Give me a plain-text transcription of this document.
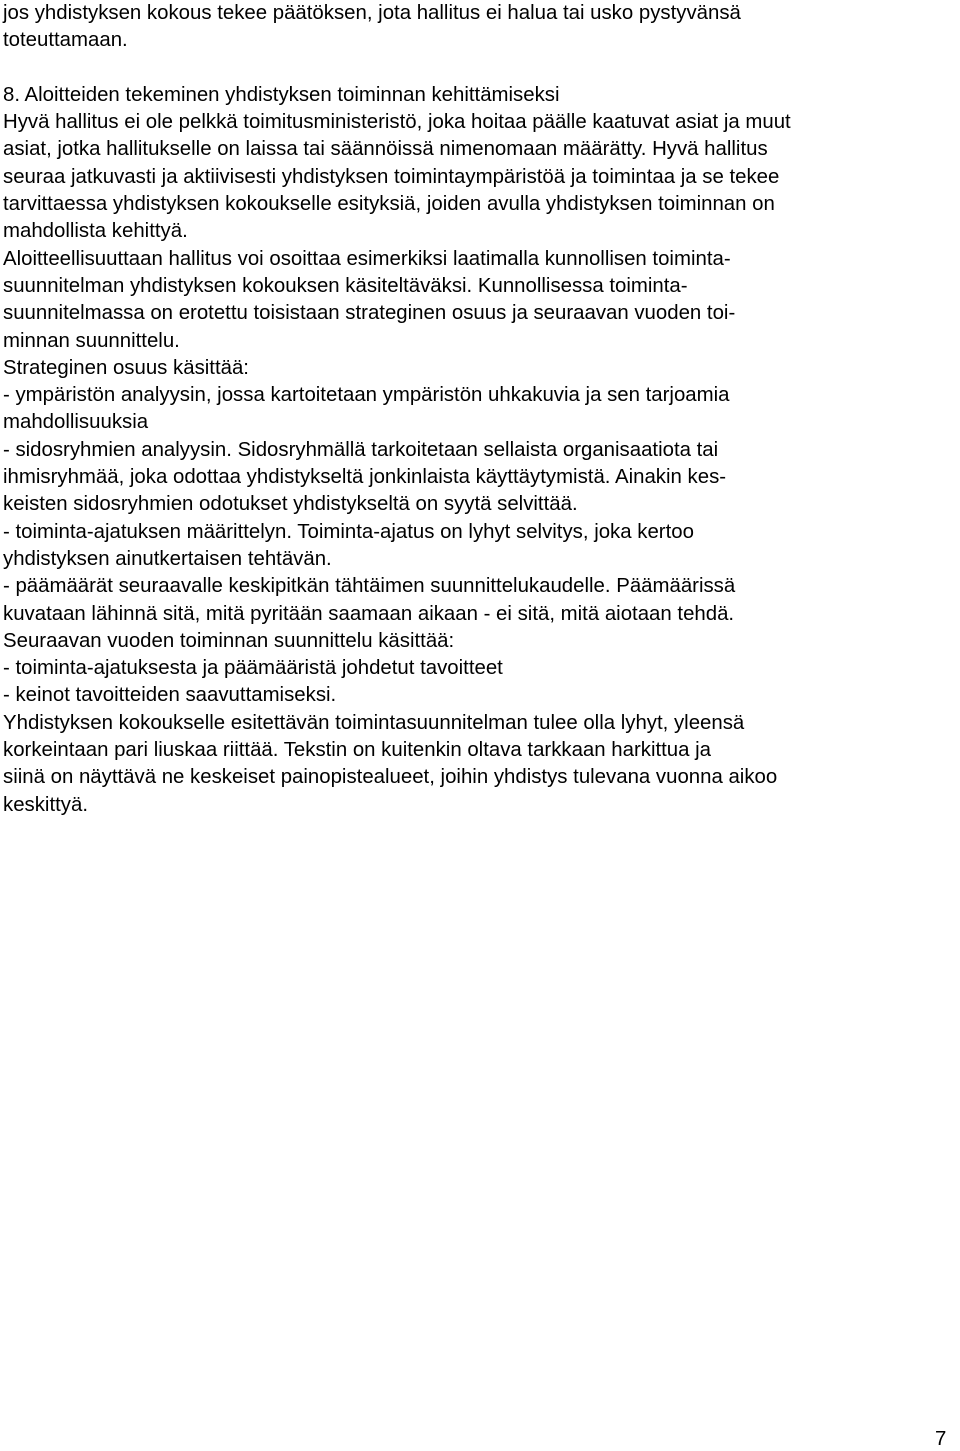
jos yhdistyksen kokous tekee päätöksen, jota hallitus ei halua tai usko pystyvänsä
toteuttamaan.
8. Aloitteiden tekeminen yhdistyksen toiminnan kehittämiseksi
Hyvä hallitus ei ole pelkkä toimitusministeristö, joka hoitaa päälle kaatuvat asiat ja muut
asiat, jotka hallitukselle on laissa tai säännöissä nimenomaan määrätty. Hyvä hallitus
seuraa jatkuvasti ja aktiivisesti yhdistyksen toimintaympäristöä ja toimintaa ja se tekee
tarvittaessa yhdistyksen kokoukselle esityksiä, joiden avulla yhdistyksen toiminnan on
mahdollista kehittyä.
Aloitteellisuuttaan hallitus voi osoittaa esimerkiksi laatimalla kunnollisen toiminta-
suunnitelman yhdistyksen kokouksen käsiteltäväksi. Kunnollisessa toiminta-
suunnitelmassa on erotettu toisistaan strateginen osuus ja seuraavan vuoden toi-
minnan suunnittelu.
Strateginen osuus käsittää:
- ympäristön analyysin, jossa kartoitetaan ympäristön uhkakuvia ja sen tarjoamia
mahdollisuuksia
- sidosryhmien analyysin. Sidosryhmällä tarkoitetaan sellaista organisaatiota tai
ihmisryhmää, joka odottaa yhdistykseltä jonkinlaista käyttäytymistä. Ainakin kes-
keisten sidosryhmien odotukset yhdistykseltä on syytä selvittää.
- toiminta-ajatuksen määrittelyn. Toiminta-ajatus on lyhyt selvitys, joka kertoo
yhdistyksen ainutkertaisen tehtävän.
- päämäärät seuraavalle keskipitkän tähtäimen suunnittelukaudelle. Päämäärissä
kuvataan lähinnä sitä, mitä pyritään saamaan aikaan - ei sitä, mitä aiotaan tehdä.
Seuraavan vuoden toiminnan suunnittelu käsittää:
- toiminta-ajatuksesta ja päämääristä johdetut tavoitteet
- keinot tavoitteiden saavuttamiseksi.
Yhdistyksen kokoukselle esitettävän toimintasuunnitelman tulee olla lyhyt, yleensä
korkeintaan pari liuskaa riittää. Tekstin on kuitenkin oltava tarkkaan harkittua ja
siinä on näyttävä ne keskeiset painopistealueet, joihin yhdistys tulevana vuonna aikoo
keskittyä.
7
